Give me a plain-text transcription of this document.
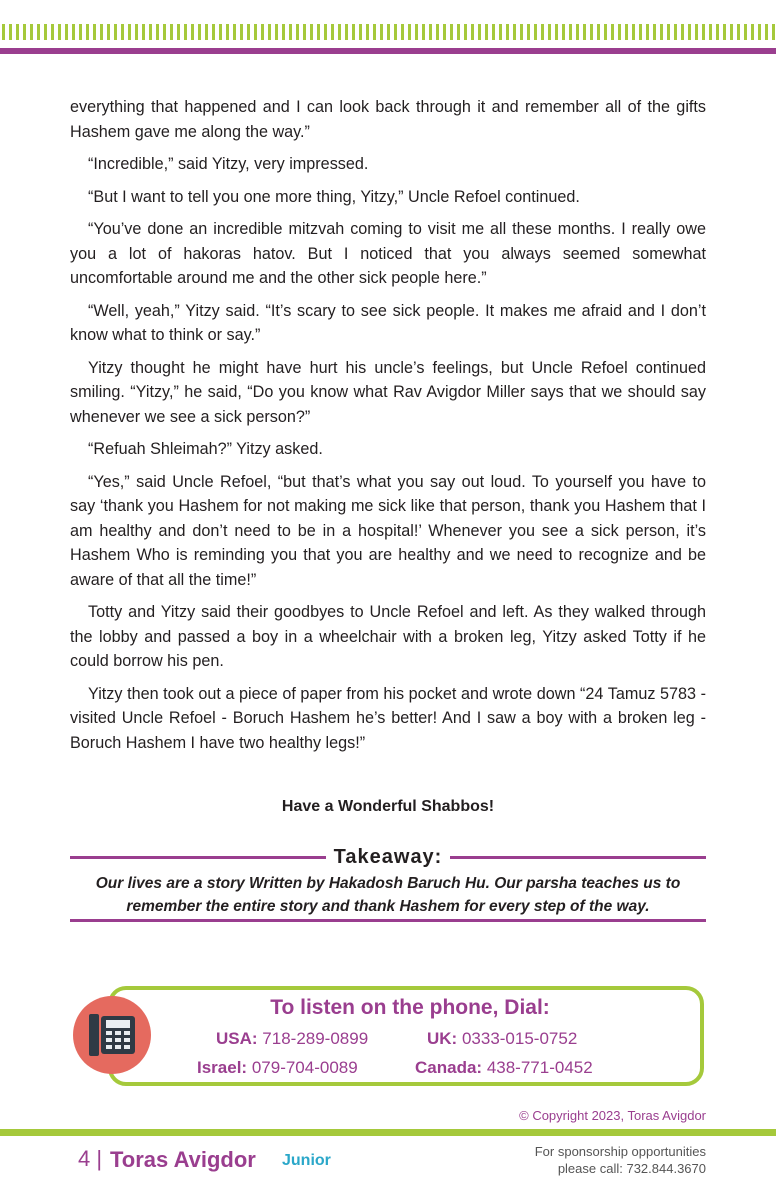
everything that happened and I can look back through it and remember all of the gifts Hashem gave me along the way.”

“Incredible,” said Yitzy, very impressed.

“But I want to tell you one more thing, Yitzy,” Uncle Refoel continued.

“You’ve done an incredible mitzvah coming to visit me all these months. I really owe you a lot of hakoras hatov. But I noticed that you always seemed somewhat uncomfortable around me and the other sick people here.”

“Well, yeah,” Yitzy said. “It’s scary to see sick people. It makes me afraid and I don’t know what to think or say.”

Yitzy thought he might have hurt his uncle’s feelings, but Uncle Refoel continued smiling. “Yitzy,” he said, “Do you know what Rav Avigdor Miller says that we should say whenever we see a sick person?”

“Refuah Shleimah?” Yitzy asked.

“Yes,” said Uncle Refoel, “but that’s what you say out loud. To yourself you have to say ‘thank you Hashem for not making me sick like that person, thank you Hashem that I am healthy and don’t need to be in a hospital!’ Whenever you see a sick person, it’s Hashem Who is reminding you that you are healthy and we need to recognize and be aware of that all the time!”

Totty and Yitzy said their goodbyes to Uncle Refoel and left. As they walked through the lobby and passed a boy in a wheelchair with a broken leg, Yitzy asked Totty if he could borrow his pen.

Yitzy then took out a piece of paper from his pocket and wrote down “24 Tamuz 5783 - visited Uncle Refoel - Boruch Hashem he’s better! And I saw a boy with a broken leg - Boruch Hashem I have two healthy legs!”

Have a Wonderful Shabbos!
Takeaway:
Our lives are a story Written by Hakadosh Baruch Hu. Our parsha teaches us to remember the entire story and thank Hashem for every step of the way.
To listen on the phone, Dial:
USA: 718-289-0899	UK: 0333-015-0752
Israel: 079-704-0089	Canada: 438-771-0452
© Copyright 2023, Toras Avigdor
4 | Toras Avigdor Junior
For sponsorship opportunities
please call: 732.844.3670
